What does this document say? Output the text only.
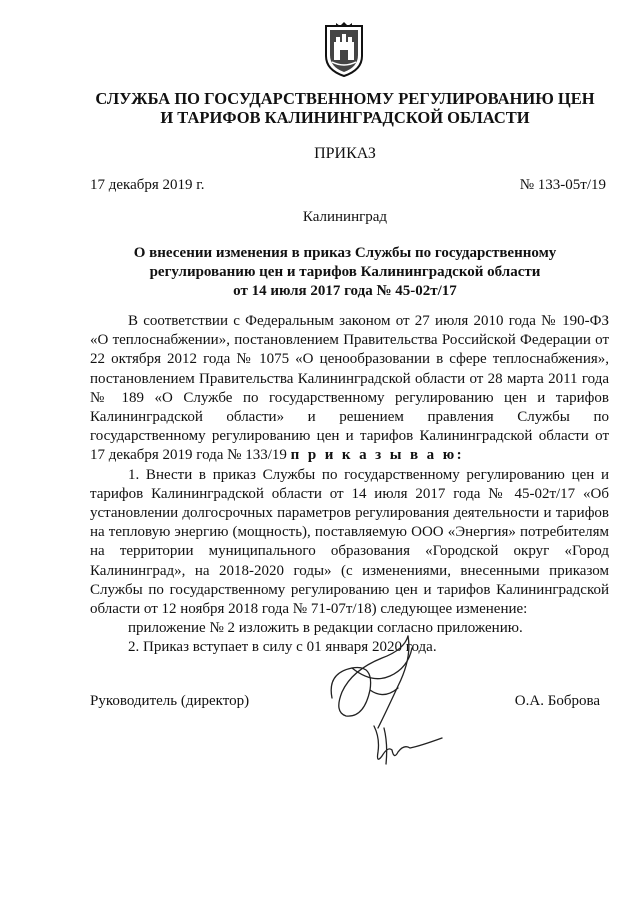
СЛУЖБА ПО ГОСУДАРСТВЕННОМУ РЕГУЛИРОВАНИЮ ЦЕН
И ТАРИФОВ КАЛИНИНГРАДСКОЙ ОБЛАСТИ
ПРИКАЗ
17 декабря 2019 г.	№ 133-05т/19
Калининград
О внесении изменения в приказ Службы по государственному
регулированию цен и тарифов Калининградской области
от 14 июля 2017 года № 45-02т/17

В соответствии с Федеральным законом от 27 июля 2010 года № 190-ФЗ «О теплоснабжении», постановлением Правительства Российской Федерации от 22 октября 2012 года № 1075 «О ценообразовании в сфере теплоснабжения», постановлением Правительства Калининградской области от 28 марта 2011 года № 189 «О Службе по государственному регулированию цен и тарифов Калининградской области» и решением правления Службы по государственному регулированию цен и тарифов Калининградской области от 17 декабря 2019 года № 133/19 п р и к а з ы в а ю:

1. Внести в приказ Службы по государственному регулированию цен и тарифов Калининградской области от 14 июля 2017 года № 45-02т/17 «Об установлении долгосрочных параметров регулирования деятельности и тарифов на тепловую энергию (мощность), поставляемую ООО «Энергия» потребителям на территории муниципального образования «Городской округ «Город Калининград», на 2018-2020 годы» (с изменениями, внесенными приказом Службы по государственному регулированию цен и тарифов Калининградской области от 12 ноября 2018 года № 71-07т/18) следующее изменение:

приложение № 2 изложить в редакции согласно приложению.

2. Приказ вступает в силу с 01 января 2020 года.

Руководитель (директор)	О.А. Боброва
